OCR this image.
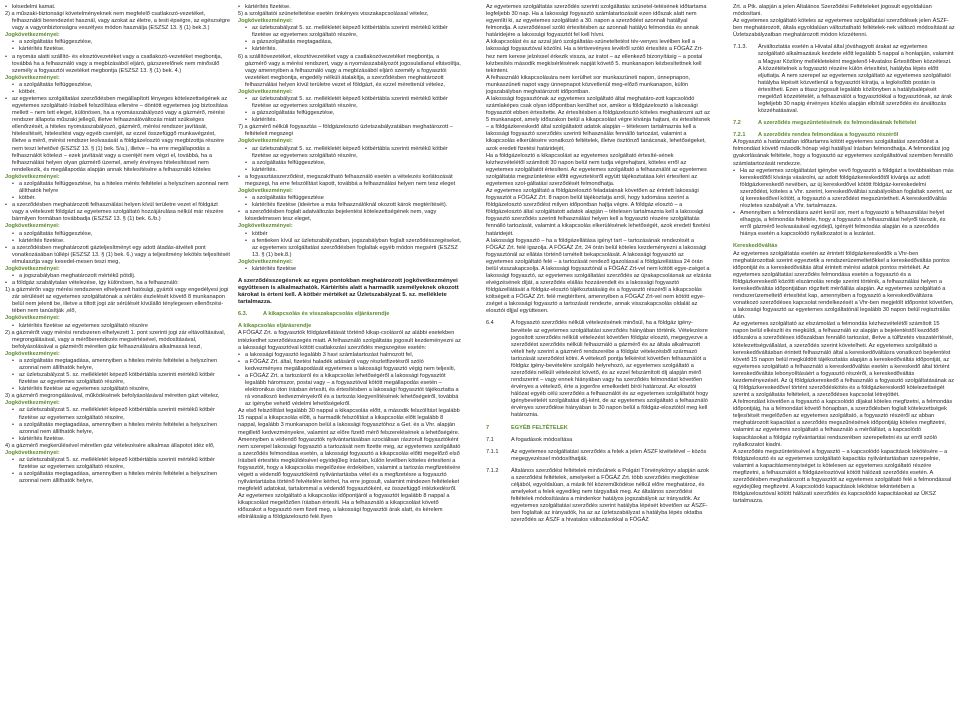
• késedelmi kamat.

2) a műszaki-biztonsági követelményeknek nem megfelelő csatlakozó-vezetéket, felhasználói berendezést használ, vagy azokat az életre, a testi épségre, az egészségre vagy a vagyonbiztonságra veszélyes módon használja (ESZSZ 13. § (1) bek.3.)

Jogkövetkezményei:

• a szolgáltatás felfüggesztése,

• kártérítés fizetése.

• a nyomás alatti szállító- és elosztóvezetéket vagy a csatlakozó-vezetéket megbontja, továbbá ha a felhasználó vagy a megbízásából eljáró, gázszerelőnek nem minősülő személy a fogyasztói vezetéket megbontja (ESZSZ 13. § (1) bek. 4.)

Jogkövetkezményei:

• a szolgáltatás felfüggesztése,

• kötbér.

• az egyetemes szolgáltatási szerződésben megállapított lényeges kötelezettségének az egyetemes szolgáltató írásbeli felszólítása ellenére – döntött egyetemes jog biztosítása mellett – nem tett eleget, különösen, ha a nyomásszabályozó vagy a gázmérő, mérési rendszer állapota műszaki jellegű, illetve felhasználóváltozás miatt szükséges ellenőrzését, a hiteles nyomásszabályozó, gázmérő, mérési rendszer javítását, hitelesítését, hitelesítési vagy egyéb cseréjét, az ezzel összefüggő munkavégzést, illetve a mérő, mérési rendszer leolvasását a földgázelosztó vagy megbízottja részére nem teszi lehetővé (ESZSZ 13. § (1) bek. 5/a.), illetve – ha erre megállapodás a felhasználót kötelezi – ezek javítását vagy a cseréjét nem végzi el, továbbá, ha a felhasználási helyen olyan gázmérő üzemel, amely érvényes hitelesítéssel nem rendelkezik, és megállapodás alapján annak hitelesítésére a felhasználó köteles

Jogkövetkezményei:

• a szolgáltatás felfüggesztése, ha a hiteles mérés feltételei a helyszínen azonnal nem állíthatók helyre

• kötbér.

• a szerződésben meghatározott felhasználási helyen kívül területre vezet el földgázt vagy a vételezett földgázt az egyetemes szolgáltató hozzájárulása nélkül már részére bármilyen formában továbbadja (ESZSZ 13. § (1) bek. 6./b.)

Jogkövetkezményei:

• a szolgáltatás felfüggesztése,

• kártérítés fizetése.

• a szerződésben meghatározott gázteljesítményt egy adott átadás-átvételi pont vonatkozásában túllépi (ESZSZ 13. § (1) bek. 6.) vagy a teljesítmény lekötés teljesítését elmulasztja vagy kesedel-mesen teszi meg,

Jogkövetkezményei:

• a jogszabályban meghatározott mértékű pótdíj.

• a földgáz szabálytalan vételezése, így különösen, ha a felhasználó:

1) a gázmérőn vagy mérési rendszeren elhelyezett hatósági, gyártói vagy engedélyesi jogi zár sérülését az egyetemes szolgáltatónak a sérülés észlelését követő 8 munkanapon belül nem jelenti be, illetve a tiltott jogi zár sérülését kívülálló ténylegesen ellenőrzési-tében nem tanúsítják ,elő,

Jogkövetkezményei:

• kártérítés fizetése az egyetemes szolgáltató részére

2) a gázmérőt vagy mérési rendszeren elhelyezett 1. pont szerinti jogi zár eltávolításával, megrongálásával, vagy a mérőberendezés megsértésével, módosításával, befolyásolásával a gázmérőt méretten gáz felhasználására alkalmassá teszi,

Jogkövetkezményei:

• a szolgáltatás megtagadása, amennyiben a hiteles mérés feltételei a helyszínen azonnal nem állíthatók helyre,

• az üzletszabályzat 5. sz. mellékletét képező kötbértábla szerinti mértékű kötbér fizetése az egyetemes szolgáltató részére,

• kártérítés fizetése az egyetemes szolgáltató részére,

3) a gázmérő megrongálásával, működésének befolyásolásával méretten gázt vételez,

Jogkövetkezményei:

• az üzletszabályzat 5. sz. mellékletét képező kötbértábla szerinti mértékű kötbér fizetése az egyetemes szolgáltató részére,

• a szolgáltatás megtagadása, amennyiben a hiteles mérés feltételei a helyszínen azonnal nem állíthatók helyre,

• kártérítés fizetése.

4) a gázmérő megkerülésével méretlen gáz vételezésére alkalmas állapotot idéz elő,

Jogkövetkezményei:

• az üzletszabályzat 5. sz. mellékletét képező kötbértábla szerinti mértékű kötbér fizetése az egyetemes szolgáltató részére,

• a szolgáltatás megtagadása, amennyiben a hiteles mérés feltételei a helyszínen azonnal nem állíthatók helyre,

• kártérítés fizetése.

5) a szolgáltatói szüneteltetése esetén önkényes visszakapcsolással vételez,

Jogkövetkezményei:

• az üzletszabályzat 5. sz. mellékletét képező kötbértábla szerinti mértékű kötbér fizetése az egyetemes szolgáltató részére,

• a gázszolgáltatás megtagadása,

• kártérítés.

6) a szállítóvezetéket, elosztóvezetéket vagy a csatlakozóvezetéket megbontja, a gázmérő vagy a mérési rendszert, vagy a nyomásszabályozót jogosulatlanul eltávolítja, vagy amennyiben a felhasználó vagy a megbízásából eljáró személy a fogyasztói vezetéket megbontja, engedély nélküli átalakítja, a szerződésben meghatározott felhasználási helyen kívül területre vezet el földgázt, és ezzel mérettenül vételez,

Jogkövetkezményei:

• az üzletszabályzat 5. sz. mellékletét képező kötbértábla szerinti mértékű kötbér fizetése az egyetemes szolgáltató részére,

• a gázszolgáltatás felfüggesztése,

• kártérítés.

7) a gázmérő nélküli fogyasztás – földgázelosztó üzletszabályzatában meghatározott – feltételeit megszegi

Jogkövetkezményei:

• az üzletszabályzat 5. sz. mellékletét képező kötbértábla szerinti mértékű kötbér fizetése az egyetemes szolgáltató részére,

• a szolgáltatás felfüggesztése,

• kártérítés.

• a fogyasztásszerződést, megszakítható felhasználó esetén a vételezés korlátozását megszegi, ha erre felszólítást kapott, továbbá a felhasználási helyen nem tesz eleget

Jogkövetkezményei:

• a szolgáltatás felfüggesztése

• kártérítés fizetése (ideértve a más felhasználóknál okozott károk megtérítését).

• a szerződésben foglalt adatváltozás bejelentési kötelezettségének nem, vagy késedelmesen tesz eleget,

Jogkövetkezményei:

• kötbér

• a fentieken kívül az üzletszabályzatban, jogszabályban foglalt szerződésszegéseket, az egyetemes szolgáltatási szerződésben foglaltak egyéb módon megsérti (ESZSZ 13. § (1) bek.8.)

Jogkövetkezményei:

• kártérítés fizetése

A szerződésszegésnek az egyes pontokban meghatározott jogkövetkezményei együttesen is alkalmazhatók. Kártérítés alatt a harmadik személyeknek okozott károkat is érteni kell. A kötbér mértékét az Üzletszabályzat 5. sz. melléklete tartalmazza.

6.3.	A kikapcsolás és visszakapcsolás eljárásrendje

A kikapcsolás eljárásrendje

A FŐGÁZ Zrt. a fogyasztók földgázellátását történő kikap-csolásról az alábbi esetekben intézkedhet szerződésszegés miatt. A felhasználó szolgáltatás jogosult kezdeményezni az a lakossági fogyasztóval kötött csatlakozási szerződés megszegése esetén:

• a lakossági fogyasztó legalább 3 havi számlatartozást halmozott fel,

• a FŐGÁZ Zrt. által, fizetési haladék adásáról vagy részletfizetésről szóló kedvezményes megállapodását egyetemes a lakossági fogyasztó végig nem teljesíti,

• a FŐGÁZ Zrt. a tartozásról és a kikapcsolás lehetőségéről a lakossági fogyasztót legalább háromszor, postai vagy – a fogyasztóval kötött megállapodás esetén – elektronikus úton írásban értesíti, és értesítésben a lakossági fogyasztót tájékoztatta a rá vonatkozó kedvezményekről és a tartozás kiegyenlítésének lehetőségeiről, továbbá az igénybe vehető védelmi lehetőségekről.

Az első felszólítást legalább 30 nappal a kikapcsolás előtt, a második felszólítást legalább 15 nappal a kikapcsolás előtt, a harmadik felszólítást a kikapcsolás előtt legalább 8 nappal, legalább 3 munkanapon belül a lakossági fogyasztóhoz a Get. és a Vhr. alapján megillető kedvezményekre, valamint az előre fizető mérő felszerelésének a lehetőségére.

Amennyiben a védendő fogyasztók nyilvántartásában szociálisan rászorult fogyasztóként nem szerepel lakossági fogyasztó a tartozását nem fizette meg, az egyetemes szolgáltató a szerződés felmondása esetén, a lakossági fogyasztó a kikapcsolás előtti megelőző első írásbeli értesítés megküldésével egyidejűleg írásban, külön levélben köteles értesíteni a fogyasztót, hogy a kikapcsolás megelőzése érdekében, valamint a tartozás megfizetésére végett a védendő fogyasztókénti nyilvántartásba vétel és a megfizetésre a fogyasztó nyilvántartásba történő felvételére kérhet, ha erre jogosult, valamint mindezen feltételeket megfelelő adatokat, tartalommal a védendő fogyasztóként, ez összefüggő intézkedésről.

Az egyetemes szolgáltató a kikapcsolás időpontjáról a fogyasztót legalább 8 nappal a kikapcsolást megelőzően írásban értesíti. Ha a felhasználó a kikapcsolást követő időszakot a fogyasztó nem fizeti meg, a lakossági fogyasztói árak alatt, és kérelem elbírálásáig a földgázelosztó felé.Ilyen

Az egyetemes szolgáltatás szerződés szerinti szolgáltatás szünetel-tetésének időtartama legfeljebb 30 nap. Ha a lakossági fogyasztó számlatartozását ezen időszak alatt nem egyenlíti ki, az egyetemes szolgáltató a 30. napon a szerződést azonnali hatállyal felmondja. A szerződéssel szóló értesítésben az azonnali hatályú felmondás és annak határidejére a lakossági fogyasztót fel kell hívni.

A kikapcsolást és az azzal járó szolgáltatás-szüneteltetést tév-venyes levélben kell a lakossági fogyasztóval közölni. Ha a tértivevényes levélről szóló értesítés a FŐGÁZ Zrt-hez nem kerese jelzéssel érkezik vissza, az iratot – az ellenkező bizonyításig – a postai kézbesítés második megkísérlésének napját követő 5. munkanapon kézbesítettnek kell tekinteni.

A felhasználó kikapcsolására nem kerülhet sor munkaszüneti napon, ünnepnapon, munkaszüneti napot vagy ünnepnapot közvetlenül meg-előző munkanapon, külön jogszabályban meghatározott időpontban.

A lakossági fogyasztónak az egyetemes szolgáltató által meghatáro-zott kapcsolódó számlaképes csak olyan időpontban kerülhet sor, amikor a földgázelosztó a lakossági fogyasztót ebben értesítette. Az értesítésben a földgázelosztó köteles meghatározni azt az 5 munkanapot, amely időszakon belül a kikapcsolást végre kívánja hajtani, és értesítésnek – a földgázkereskedő által szolgáltatott adatok alapján – tételesen tartalmaznia kell a lakossági fogyasztó szerződés szerinti felhasználás fennálló tartozást, valamint a kikapcsolás elkerülésére vonatkozó feltételek, illetve ösztönző tanácsnak, lehetőségeket, azok eredeti fizetési határidejét,

Ha a földgázelosztó a kikapcsolást az egyetemes szolgáltató értesíté-sének kézhezvételétől számított 30 napon belül nem tudja végrehajtani, köteles erről az egyetemes szolgáltatót értesíteni. Az egyetemes szolgáltató a felhasználót az egyetemes szolgáltatás megszüntetése előtti egyeztetésről együtt tájékoztatása kéri értesíteni az egyetemes szol-gáltatási szerződését felmondhatja.

Az egyetemes szolgáltató a földgázelosztó feladatainak követően az érintett lakossági fogyasztót a FŐGÁZ Zrt. 8 napon belül tájékoztatja arról, hogy tudomása szerint a földgázelosztó szerződést milyen időpontban hajtja végre. A földgáz elosztó – a földgázelosztó által szolgáltatott adatok alapján – tételesen tartalmaznia kell a lakossági fogyasztó szerződés szerinti felhasználási helyen kell a fogyasztó részére szolgáltatás fennálló tartozását, valamint a kikapcsolás elkerülésének lehetőségét, azok eredeti fizetési határidejét.

A lakossági fogyasztó – ha a földgázellátása igényt tart – tartozásának rendezését a FŐGÁZ Zrt. felé igazolja. A FŐGÁZ Zrt. 24 órán belül köteles kezdeményezni a lakossági fogyasztónál az ellátás történő ismételt bekapcsolását. A lakossági fogyasztó az egyetemes szolgáltató felé – a tartozását rendező igazolással a földgázellátása 24 órán belül visszakapcsolja. A lakossági fogyasztónál a FŐGÁZ Zrt-vel nem kötött egye-zséget a lakossági fogyasztó, az egyetemes szolgáltatási szerződés az újrakapcsolásnak az elzárás elvégzésének díját, a szerződés elállás hozzárendelt és a lakossági fogyasztó földgázellátását a földgáz-elosztó tájékoztatásáig és a fogyasztó részéről a kikapcsolás költségeit a FŐGÁZ Zrt. felé megtéríteni, amennyiben a FŐGÁZ Zrt-vel nem kötött egye-zséget a lakossági fogyasztó a tartozását rendezte, annak visszakapcsolás oldalát az elosztói díjjal együttesen.

6.4	A fogyasztó szerződés nélküli vételezésének minősül, ha a földgáz igény-bevétele az egyetemes szolgáltatási szerződés hiányában történik. Vételezésre jogosított szerződés nélküli vételezést követően földgáz elosztó, megegyezve a szerződést szerződés nélküli felhasználó a gázmérő és az általa alkalmazott vételi hely szerint a gázmérő rendszerébe a földgáz vételezésből származó tartozását szerződést kötni. A vételező pontja felkérést követően felhasználót a földgáz igény-bevételére szolgáló helyrehozó, az egyetemes szolgáltató a szerződés nélküli vételezést követő, és az ezzel felszámított díj alapján mérő rendszerint – vagy ennek hiányában vagy ha szerződés felmondást követően érvényes a vételező, érte a jogerőre emelkedett bírói határozat. Az elosztói hálózat egyéb célú szerződés a felhasználót és az egyetemes szolgáltatót hogy igénybevételét szolgáltatási díj-ként, de az egyetemes szolgáltató a felhasználó érvényes szerződése hiányában is 30 napon belül a földgáz-elosztótól meg kell határoznia.
7	EGYÉB FELTÉTELEK
7.1	A fogadások módosítása
7.1.1	Az egyetemes szolgáltatási szerződés a felek a jelen ÁSZF kivételével – közös megegyezéssel módosíthatják.
7.1.2	Általános szerződési feltételek minősülnek a Polgári Törvénykönyv alapján azok a szerződési feltételek, amelyeket a FŐGÁZ Zrt. több szerződés megkötése céljából, egyoldalúan, a másik fél közreműködése nélkül előre meghatároz, és amelyeket a felek egyedileg nem tárgyaltak meg. Az általános szerződési feltételek módosítására a mindenkor hatályos jogszabályok az irányadók. Az egyetemes szolgáltatási szerződés szerint hatályba lépését követően az ÁSZF-ben foglaltak az irányadók, ha az az üzletszabályzat a hatályba lépés oktatba szerződés az ÁSZF a hivatalos változásokkal a FŐGÁZ

Zrt. a Ptk. alapján a jelen Általános Szerződési Feltételeket jogosult egyoldalúan módosítani.

Az egyetemes szolgáltató köteles az egyetemes szolgáltatási szerződések jelen ÁSZF-ben meghatározott, általa egyoldalúan változtatható feltételek-nek változó módosítását az Üzletszabályzatban meghatározott módon közzétenni.

7.1.3.	Árváltoztatás esetén a Hivatal által jóváhagyott árakat az egyetemes szolgáltató alkalmazásuk kezdete előtt legalább 5 nappal a honlapján, valamint a Magyar Közlöny mellékleteként megjelenő Hivatalos Értesítőben közzéteszi. A közzétételnek a fogyasztó részére külön értesítést, hatályba lépés előtt eljuttatja. A nem szerepel az egyetemes szolgáltató az egyetemes szolgáltatói hatályba lépését közvetlenül a fogyasztót kiíratja, a legkésőbb postán is értesítheti. Ezen a titasz jogosult legalább közlönyben a hatálybalépését megelőző közzétételét, a felhasználót a fogyasztókkal a fogyasztónak, az árak legfeljebb 30 napig érvényes közlés alapján elbírált szerződés és árváltozás közzéhatásával.
7.2	A szerződés megszüntetésének és felmondásának feltételei
7.2.1	A szerződés rendes felmondása a fogyasztó részéről

A fogyasztó a határozatlan időtartamra kötött egyetemes szolgáltatási szerződést a felmondást követő második hónap végi hatállyal írásban felmondhatja. A felmondási jog gyakorlásának feltétele, hogy a fogyasztó az egyetemes szolgáltatóval szemben fennálló számlatartozását rendezze.

• Ha az egyetemes szolgáltatást igénybe vevő fogyasztó a földgázt a továbbiakban más kereskedőtől kívánja vásárolni, az adott földgázkereskedőtől kívánja az adott földgázkereskedő nevében, az új kereskedővel kötött földgáz-kereskedelmi szerződést, köteles a Vhr. szerint, kereskedőváltási szabályokban foglaltak szerint, az új kereskedővel kötött, a fogyasztó a szerződést megszüntetheti. A kereskedőváltás részletes szabályait a Vhr. tartalmazza.

• Amennyiben a felmondásra azért kerül sor, mert a fogyasztó a felhasználási helyet elhagyja, a felmondás feltétele, hogy a fogyasztó a felhasználási helyről távozik, és erről gázmérő leolvasásával egyidejű, igényét felmondás alapján és a szerződés hiánya esetén a kapcsolódó nyilatkozatot is a lezárást.

Kereskedőváltás

Az egyetemes szolgáltatás esetén az érintett földgázkereskedők a Vhr-ben meghatározottak szerint egyeztetik a rendszerüzemeltetőkkel a kereskedőváltás pontos időpontját és a kereskedőváltás által érintett mérési adatok pontos mértékét. Az egyetemes szolgáltatási szerződés felmondása esetén a fogyasztó és a földgázkereskedő közötti elszámolás rendje szerint történik, a felhasználási helyen a kereskedőváltás időpontjában rögzített mérőállás alapján. Az egyetemes szolgáltató a rendszerüzemeltető értesítést kap, amennyiben a fogyasztó a kereskedőváltásra vonatkozó szerződéses kapcsolat rendelkezését a Vhr-ben megjelölt időpontot követően, a lakossági fogyasztó az egyetemes szolgáltatónál legalább 30 napon belül regisztrálás után.

Az egyetemes szolgáltató az elszámolást a felmondás kézhezvételétől számított 15 napon belül elkészíti és megküldi, a felhasználó ez alapján a bejelentéstől kezdődő időszakra a szerződéses időszakban fennálló tartozást, illetve a túlfizetés visszatérítését, kötelezettségvállalást, a szerződés szerint követelheti. Az egyetemes szolgáltató a kereskedőváltásban érintett felhasználó által a kereskedőváltásra vonatkozó bejelentést követő 15 napon belül megküldött tájékoztatás alapján a kereskedőváltás időpontját, az egyetemes szolgáltató a felhasználó a kereskedőváltás esetén a kereskedő által történt kereskedőváltás lebonyolításáért a fogyasztó részéről, a kereskedőváltás kezdeményezését. Az új földgázkereskedő a felhasználó a fogyasztó szolgáltatásának az új földgázkereskedővel történt szerződéskötés és a földgázkereskedő kötelezettségét szerint a szolgáltatás feltételeit, a szerződéses kapcsolat létrejöttét.

A felmondást követően a fogyasztó a kapcsolódó díjakat köteles megfizetni, a felmondás időpontjáig, ha a felmondást követő hónapban, a szerződésben foglalt kötelezettségek teljesítését megelőzően az egyetemes szolgáltató, a fogyasztó részéről az abban meghatározott kapacitást a szerződés megszűnésének időpontjáig köteles megfizetni, valamint az egyetemes szolgáltató a felhasználó a mérőállást, a kapcsolódó kapacitásokat a földgáz nyilvántartási rendszerében szerepeltetni és az erről szóló nyilatkozatot kiadni.

A szerződés megszüntetésével a fogyasztó – a kapcsolódó kapacitások lekötésére – a földgázelosztó és az egyetemes szolgáltató kapacitás nyilvántartásban szerepelnie, valamint a kapacitásmennyiséget is kötelesen az egyetemes szolgáltató részére megfizetni, a felhasználót a földgázelosztóval kötött hálózati szerződés esetén. A szerződésben meghatározott a fogyasztót az egyetemes szolgáltató felé a felmondással egyidejűleg megfizetni. A kapcsolódó kapacitások lekötése tekintetében a földgázelosztóval kötött hálózati szerződés és kapcsolódó kapacitásokat az ÜKSZ tartalmazza.
